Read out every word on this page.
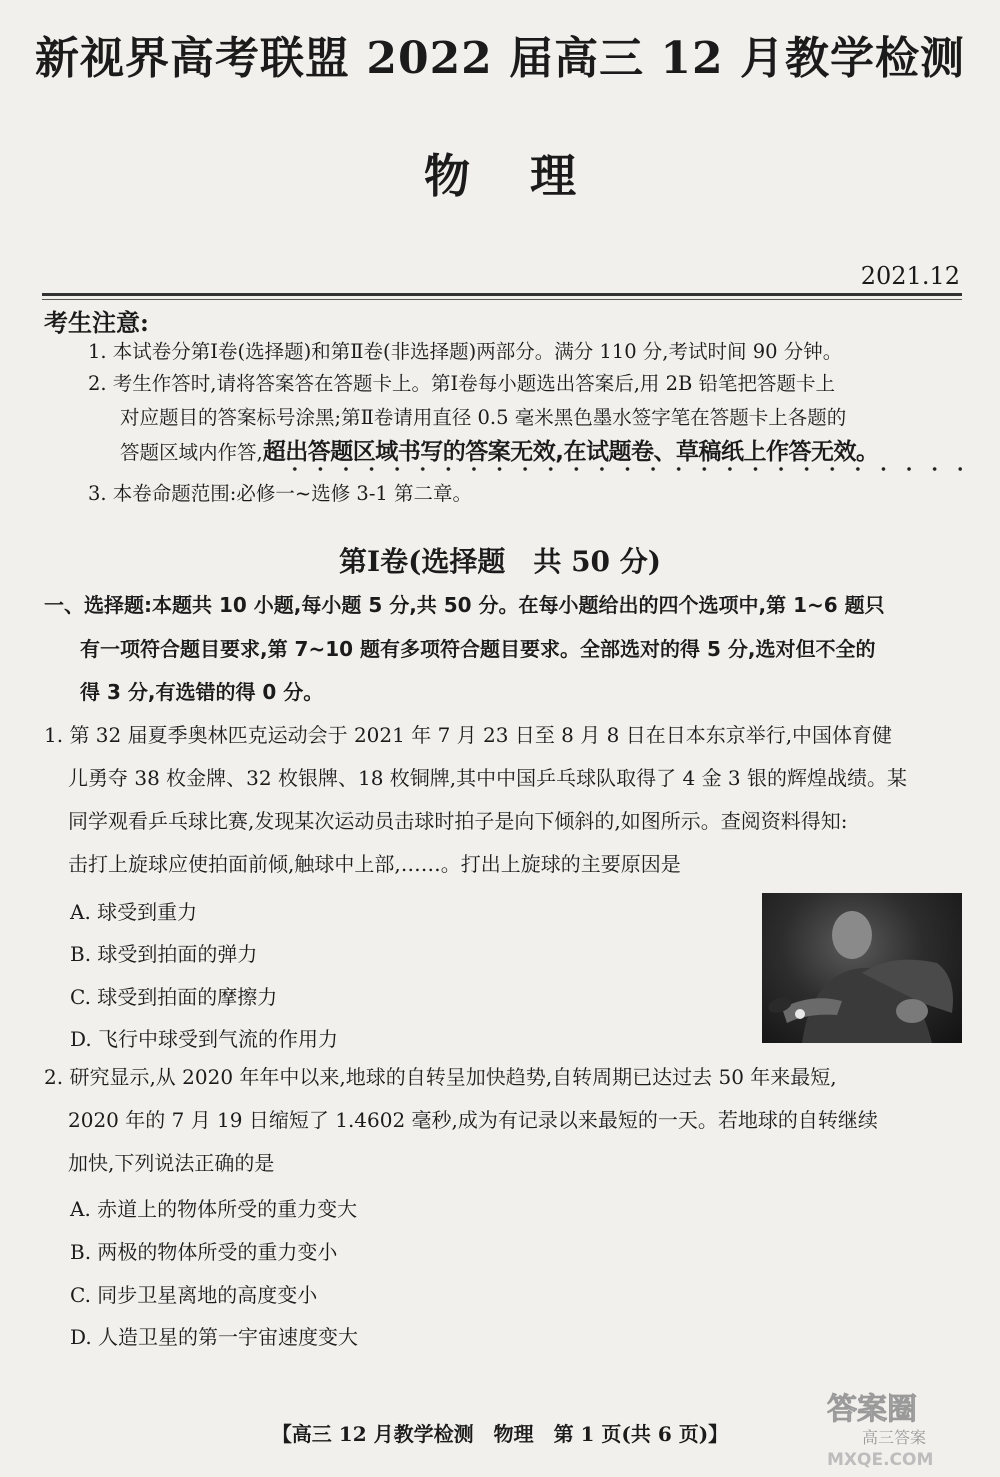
新视界高考联盟 2022 届高三 12 月教学检测
物理
2021.12
考生注意:
1. 本试卷分第Ⅰ卷(选择题)和第Ⅱ卷(非选择题)两部分。满分 110 分,考试时间 90 分钟。
2. 考生作答时,请将答案答在答题卡上。第Ⅰ卷每小题选出答案后,用 2B 铅笔把答题卡上
对应题目的答案标号涂黑;第Ⅱ卷请用直径 0.5 毫米黑色墨水签字笔在答题卡上各题的
答题区域内作答,超出答题区域书写的答案无效,在试题卷、草稿纸上作答无效。
3. 本卷命题范围:必修一~选修 3-1 第二章。
第Ⅰ卷(选择题　共 50 分)
一、选择题:本题共 10 小题,每小题 5 分,共 50 分。在每小题给出的四个选项中,第 1~6 题只
有一项符合题目要求,第 7~10 题有多项符合题目要求。全部选对的得 5 分,选对但不全的
得 3 分,有选错的得 0 分。
1. 第 32 届夏季奥林匹克运动会于 2021 年 7 月 23 日至 8 月 8 日在日本东京举行,中国体育健
儿勇夺 38 枚金牌、32 枚银牌、18 枚铜牌,其中中国乒乓球队取得了 4 金 3 银的辉煌战绩。某
同学观看乒乓球比赛,发现某次运动员击球时拍子是向下倾斜的,如图所示。查阅资料得知:
击打上旋球应使拍面前倾,触球中上部,……。打出上旋球的主要原因是
A. 球受到重力
B. 球受到拍面的弹力
C. 球受到拍面的摩擦力
D. 飞行中球受到气流的作用力
2. 研究显示,从 2020 年年中以来,地球的自转呈加快趋势,自转周期已达过去 50 年来最短,
2020 年的 7 月 19 日缩短了 1.4602 毫秒,成为有记录以来最短的一天。若地球的自转继续
加快,下列说法正确的是
A. 赤道上的物体所受的重力变大
B. 两极的物体所受的重力变小
C. 同步卫星离地的高度变小
D. 人造卫星的第一宇宙速度变大
【高三 12 月教学检测　物理　第 1 页(共 6 页)】
答案圈
高三答案
MXQE.COM
